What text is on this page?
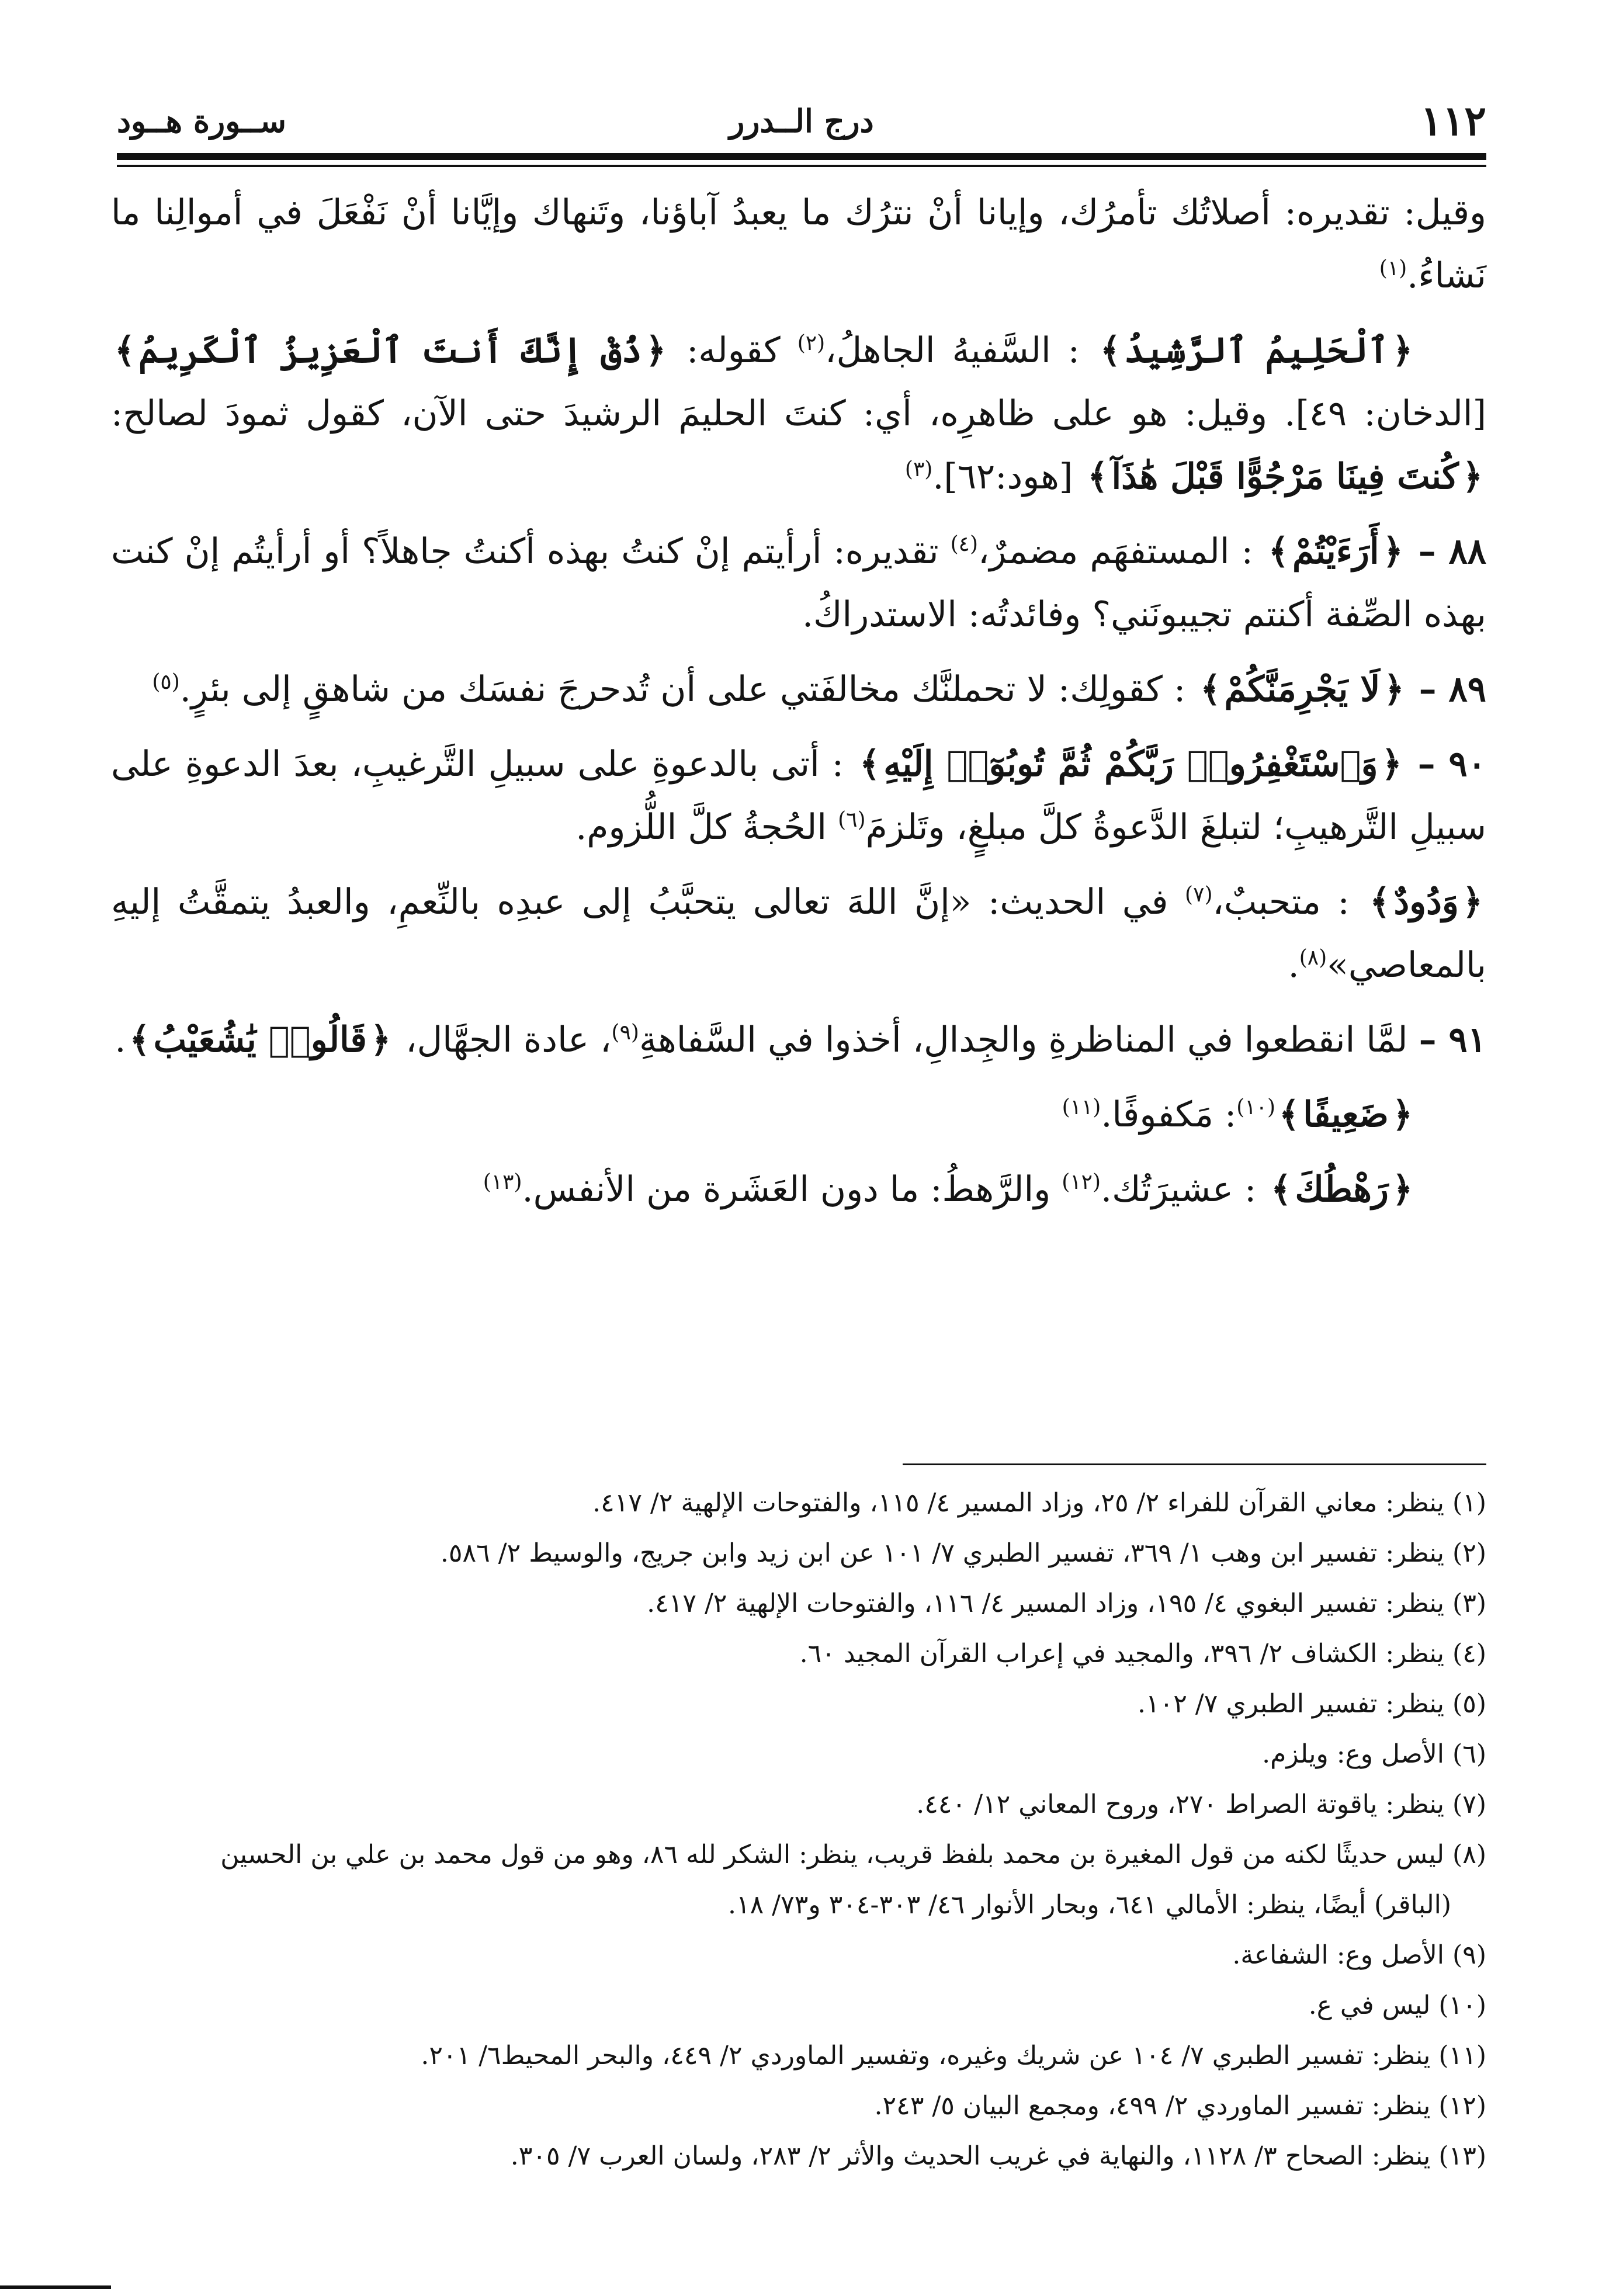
١١٢
درج الــدرر
ســورة هــود

وقيل: تقديره: أصلاتُك تأمرُك، وإيانا أنْ نترُك ما يعبدُ آباؤنا، وتَنهاك وإيَّانا أنْ نَفْعَلَ في أموالِنا ما نَشاءُ.$^{(١)}$

﴿ٱلْحَلِيمُ ٱلرَّشِيدُ﴾ : السَّفيهُ الجاهلُ،$^{(٢)}$ كقوله: ﴿ذُقْ إِنَّكَ أَنتَ ٱلْعَزِيزُ ٱلْكَرِيمُ﴾ [الدخان: ٤٩]. وقيل: هو على ظاهرِه، أي: كنتَ الحليمَ الرشيدَ حتى الآن، كقول ثمودَ لصالح: ﴿كُنتَ فِينَا مَرْجُوًّا قَبْلَ هَٰذَآ﴾ [هود:٦٢].$^{(٣)}$

٨٨ – ﴿أَرَءَيْتُمْ﴾ : المستفهَم مضمرٌ،$^{(٤)}$ تقديره: أرأيتم إنْ كنتُ بهذه أكنتُ جاهلاً؟ أو أرأيتُم إنْ كنت بهذه الصِّفة أكنتم تجيبونَني؟ وفائدتُه: الاستدراكُ.

٨٩ – ﴿لَا يَجْرِمَنَّكُمْ﴾ : كقولِك: لا تحملنَّك مخالفَتي على أن تُدحرجَ نفسَك من شاهقٍ إلى بئرٍ.$^{(٥)}$

٩٠ – ﴿وَٱسْتَغْفِرُوا۟ رَبَّكُمْ ثُمَّ تُوبُوٓا۟ إِلَيْهِ﴾ : أتى بالدعوةِ على سبيلِ التَّرغيبِ، بعدَ الدعوةِ على سبيلِ التَّرهيبِ؛ لتبلغَ الدَّعوةُ كلَّ مبلغٍ، وتَلزمَ$^{(٦)}$ الحُجةُ كلَّ اللُّزوم.

﴿وَدُودٌ﴾ : متحببٌ،$^{(٧)}$ في الحديث: «إنَّ اللهَ تعالى يتحبَّبُ إلى عبدِه بالنِّعمِ، والعبدُ يتمقَّتُ إليهِ بالمعاصي»$^{(٨)}$.

٩١ – لمَّا انقطعوا في المناظرةِ والجِدالِ، أخذوا في السَّفاهةِ$^{(٩)}$، عادة الجهَّال، ﴿قَالُوا۟ يَٰشُعَيْبُ﴾.

﴿ضَعِيفًا﴾$^{(١٠)}$: مَكفوفًا.$^{(١١)}$

﴿رَهْطُكَ﴾ : عشيرَتُك.$^{(١٢)}$ والرَّهطُ: ما دون العَشَرة من الأنفس.$^{(١٣)}$

(١) ينظر: معاني القرآن للفراء ٢/ ٢٥، وزاد المسير ٤/ ١١٥، والفتوحات الإلهية ٢/ ٤١٧.

(٢) ينظر: تفسير ابن وهب ١/ ٣٦٩، تفسير الطبري ٧/ ١٠١ عن ابن زيد وابن جريج، والوسيط ٢/ ٥٨٦.

(٣) ينظر: تفسير البغوي ٤/ ١٩٥، وزاد المسير ٤/ ١١٦، والفتوحات الإلهية ٢/ ٤١٧.

(٤) ينظر: الكشاف ٢/ ٣٩٦، والمجيد في إعراب القرآن المجيد ٦٠.

(٥) ينظر: تفسير الطبري ٧/ ١٠٢.

(٦) الأصل وع: ويلزم.

(٧) ينظر: ياقوتة الصراط ٢٧٠، وروح المعاني ١٢/ ٤٤٠.

(٨) ليس حديثًا لكنه من قول المغيرة بن محمد بلفظ قريب، ينظر: الشكر لله ٨٦، وهو من قول محمد بن علي بن الحسين

(الباقر) أيضًا، ينظر: الأمالي ٦٤١، وبحار الأنوار ٤٦/ ٣٠٣-٣٠٤ و٧٣/ ١٨.

(٩) الأصل وع: الشفاعة.

(١٠) ليس في ع.

(١١) ينظر: تفسير الطبري ٧/ ١٠٤ عن شريك وغيره، وتفسير الماوردي ٢/ ٤٤٩، والبحر المحيط٦/ ٢٠١.

(١٢) ينظر: تفسير الماوردي ٢/ ٤٩٩، ومجمع البيان ٥/ ٢٤٣.

(١٣) ينظر: الصحاح ٣/ ١١٢٨، والنهاية في غريب الحديث والأثر ٢/ ٢٨٣، ولسان العرب ٧/ ٣٠٥.
